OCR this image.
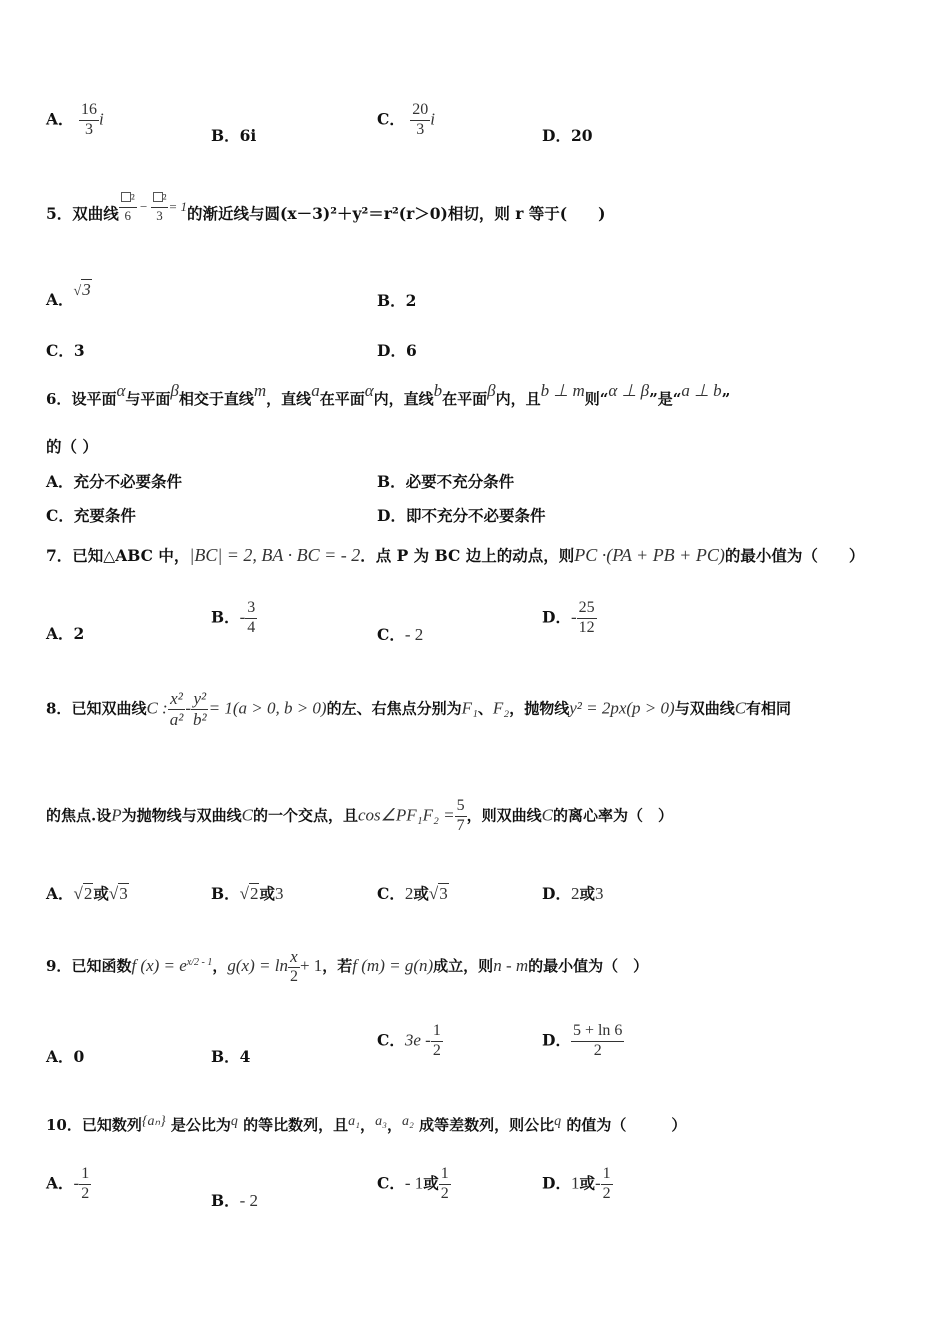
A． $\frac{16}{3}$ i
B．6i
C． $\frac{20}{3}$ i
D．20
5．双曲线 $\frac{\text{²}}{6} - \frac{\text{²}}{3} = 1$的渐近线与圆(x－3)²＋y²＝r²(r＞0)相切，则 r 等于(　　)
A．√3
B．2
C．3	D．6
6．设平面α与平面β相交于直线m，直线a在平面α内，直线b在平面β内，且b ⊥ m则“α ⊥ β”是“a ⊥ b”
的（ ）
A．充分不必要条件	B．必要不充分条件
C．充要条件	D．即不充分不必要条件
7．已知△ABC 中，|BC| = 2, BA · BC = - 2．点 P 为 BC 边上的动点，则PC ·(PA + PB + PC)的最小值为（　　）
A．2
B．- $\frac{3}{4}$	C．- 2
D．- $\frac{25}{12}$
8．已知双曲线C : $\frac{\text{x²}}{\text{a²}} - \frac{\text{y²}}{\text{b²}} = 1(a > 0$, b > 0)的左、右焦点分别为F₁、F₂，抛物线y² = 2px(p > 0)与双曲线C有相同
的焦点.设P为抛物线与双曲线C的一个交点，且cos∠PF₁F₂ = $\frac{5}{7}$ ，则双曲线C的离心率为（　）
A．√2或√3	B．√2或3	C．2或√3	D．2或3
9．已知函数f $(x) = e^{x/2 - 1}$，$g(x) = \ln \frac{x}{2} + 1$，若f (m) = g(n)成立，则n - m的最小值为（　）
A．0	B．4
C．$3e - \frac{1}{2}$	D． $\frac{5 + \ln 6}{2}$
10．已知数列{aₙ} 是公比为q 的等比数列，且a₁，a₃，a₂ 成等差数列，则公比q 的值为（　　　）
A．- $\frac{1}{2}$	B．- 2
C．- 1或 $\frac{1}{2}$	D．1或- $\frac{1}{2}$
